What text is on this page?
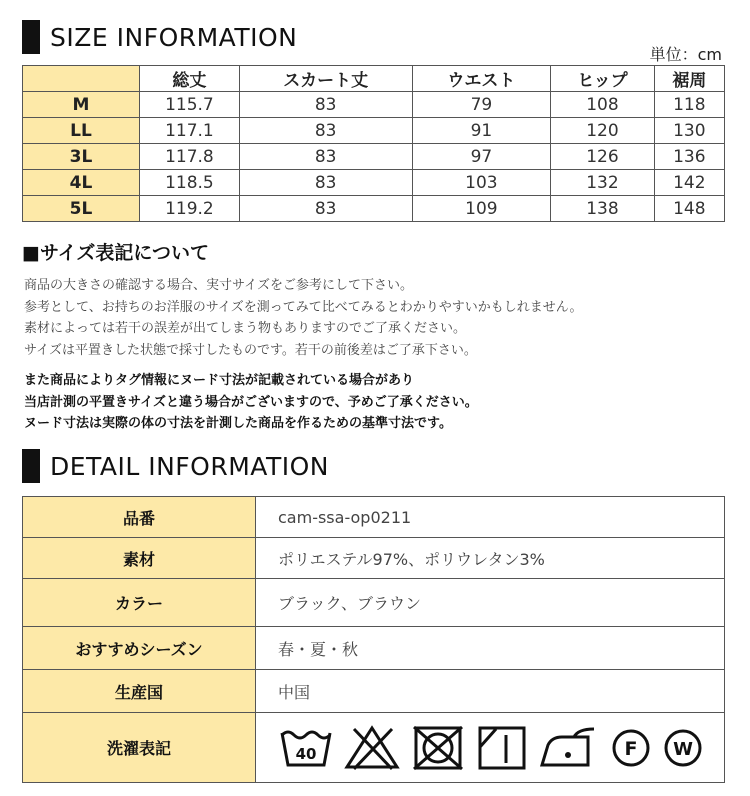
SIZE INFORMATION
単位：cm
	総丈	スカート丈	ウエスト	ヒップ	裾周
M	115.7	83	79	108	118
LL	117.1	83	91	120	130
3L	117.8	83	97	126	136
4L	118.5	83	103	132	142
5L	119.2	83	109	138	148
■サイズ表記について
商品の大きさの確認する場合、実寸サイズをご参考にして下さい。
参考として、お持ちのお洋服のサイズを測ってみて比べてみるとわかりやすいかもしれません。
素材によっては若干の誤差が出てしまう物もありますのでご了承ください。
サイズは平置きした状態で採寸したものです。若干の前後差はご了承下さい。
また商品によりタグ情報にヌード寸法が記載されている場合があり
当店計測の平置きサイズと違う場合がございますので、予めご了承ください。
ヌード寸法は実際の体の寸法を計測した商品を作るための基準寸法です。
DETAIL INFORMATION
品番	cam-ssa-op0211
素材	ポリエステル97%、ポリウレタン3%
カラー	ブラック、ブラウン
おすすめシーズン	春・夏・秋
生産国	中国
洗濯表記	40 F W
